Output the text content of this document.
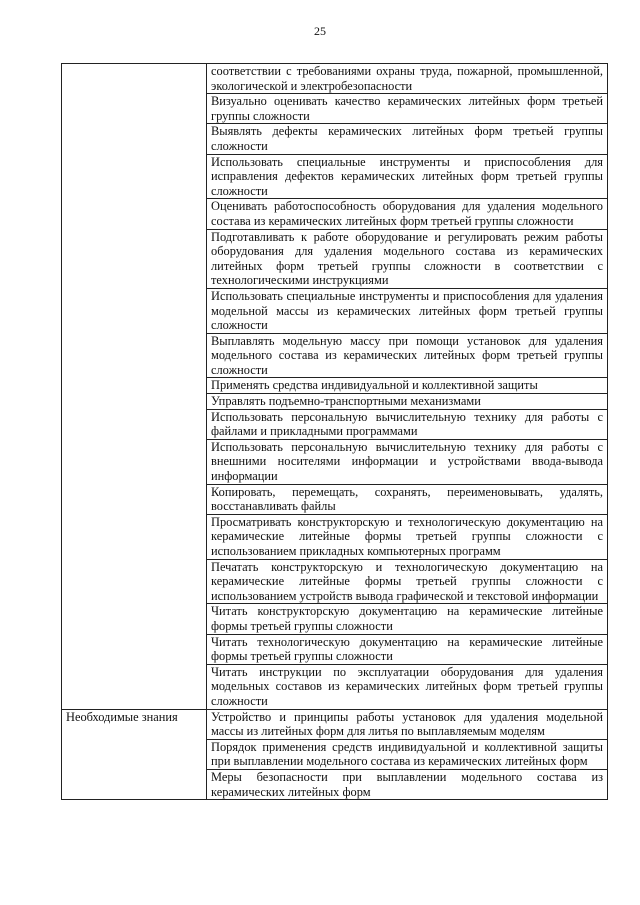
25
	соответствии с требованиями охраны труда, пожарной, промышленной, экологической и электробезопасности
	Визуально оценивать качество керамических литейных форм третьей группы сложности
	Выявлять дефекты керамических литейных форм третьей группы сложности
	Использовать специальные инструменты и приспособления для исправления дефектов керамических литейных форм третьей группы сложности
	Оценивать работоспособность оборудования для удаления модельного состава из керамических литейных форм третьей группы сложности
	Подготавливать к работе оборудование и регулировать режим работы оборудования для удаления модельного состава из керамических литейных форм третьей группы сложности в соответствии с технологическими инструкциями
	Использовать специальные инструменты и приспособления для удаления модельной массы из керамических литейных форм третьей группы сложности
	Выплавлять модельную массу при помощи установок для удаления модельного состава из керамических литейных форм третьей группы сложности
	Применять средства индивидуальной и коллективной защиты
	Управлять подъемно-транспортными механизмами
	Использовать персональную вычислительную технику для работы с файлами и прикладными программами
	Использовать персональную вычислительную технику для работы с внешними носителями информации и устройствами ввода-вывода информации
	Копировать, перемещать, сохранять, переименовывать, удалять, восстанавливать файлы
	Просматривать конструкторскую и технологическую документацию на керамические литейные формы третьей группы сложности с использованием прикладных компьютерных программ
	Печатать конструкторскую и технологическую документацию на керамические литейные формы третьей группы сложности с использованием устройств вывода графической и текстовой информации
	Читать конструкторскую документацию на керамические литейные формы третьей группы сложности
	Читать технологическую документацию на керамические литейные формы третьей группы сложности
	Читать инструкции по эксплуатации оборудования для удаления модельных составов из керамических литейных форм третьей группы сложности
Необходимые знания	Устройство и принципы работы установок для удаления модельной массы из литейных форм для литья по выплавляемым моделям
	Порядок применения средств индивидуальной и коллективной защиты при выплавлении модельного состава из керамических литейных форм
	Меры безопасности при выплавлении модельного состава из керамических литейных форм
